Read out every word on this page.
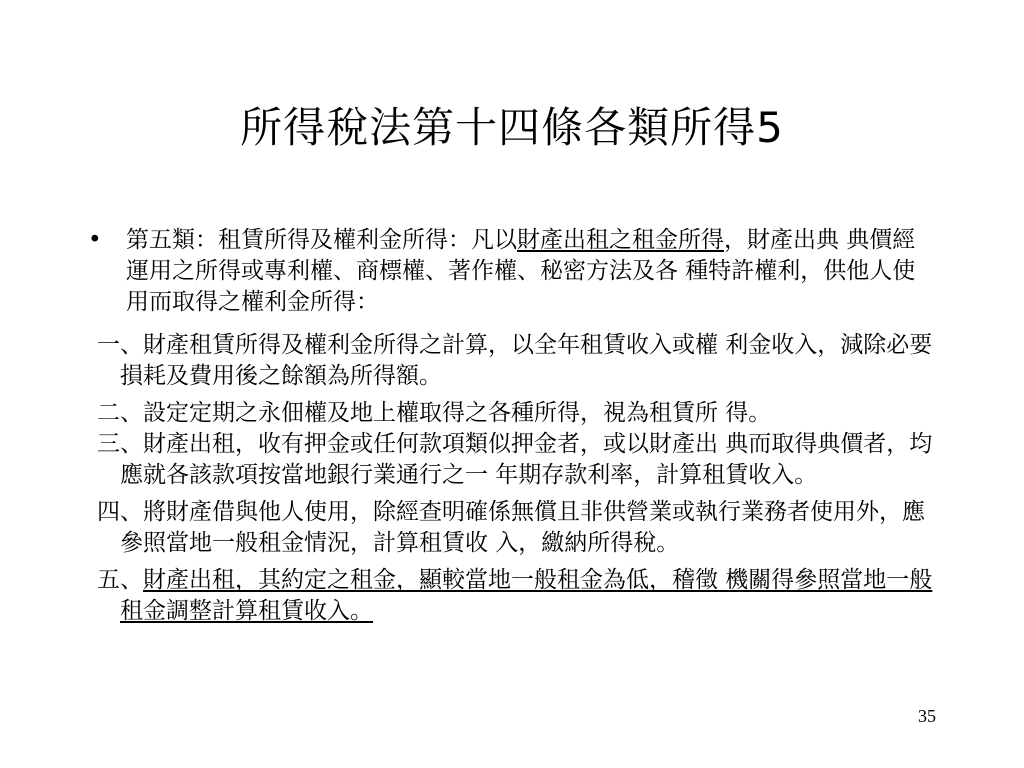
所得稅法第十四條各類所得5
• 第五類：租賃所得及權利金所得：凡以財產出租之租金所得，財產出典 典價經運用之所得或專利權、商標權、著作權、秘密方法及各 種特許權利，供他人使用而取得之權利金所得：
一、財產租賃所得及權利金所得之計算，以全年租賃收入或權 利金收入，減除必要損耗及費用後之餘額為所得額。
二、設定定期之永佃權及地上權取得之各種所得，視為租賃所 得。
三、財產出租，收有押金或任何款項類似押金者，或以財產出 典而取得典價者，均應就各該款項按當地銀行業通行之一 年期存款利率，計算租賃收入。
四、將財產借與他人使用，除經查明確係無償且非供營業或執行業務者使用外，應參照當地一般租金情況，計算租賃收 入，繳納所得稅。
五、財產出租，其約定之租金，顯較當地一般租金為低，稽徵 機關得參照當地一般租金調整計算租賃收入。
35
